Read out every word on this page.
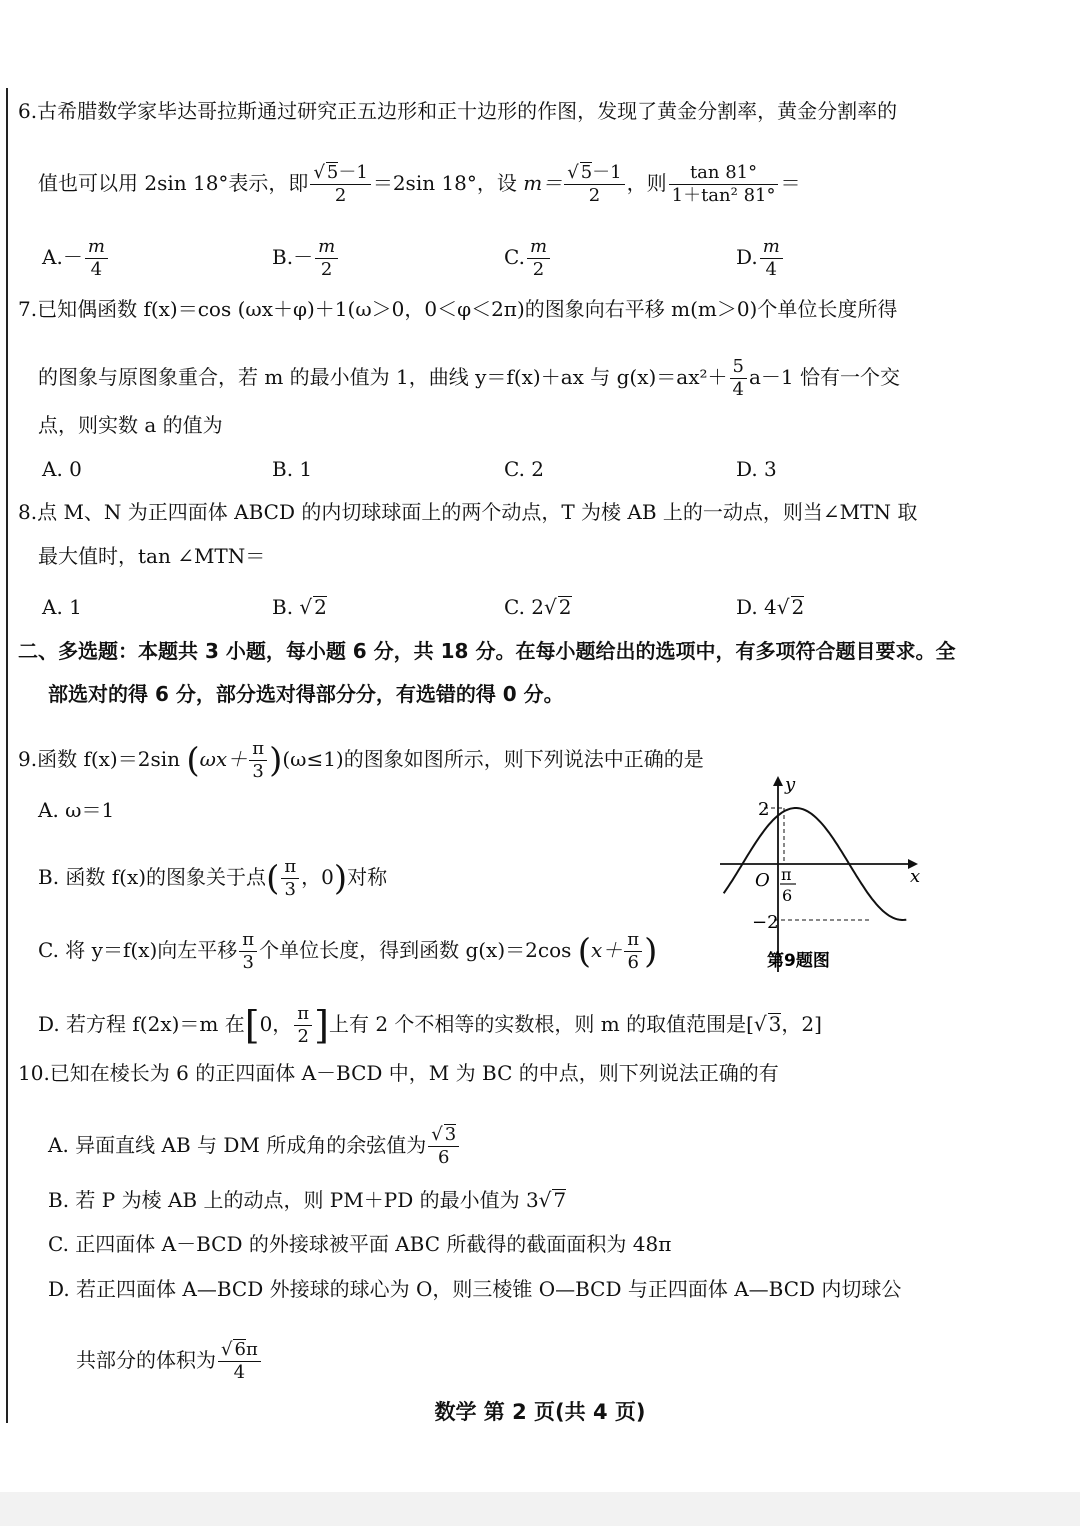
6.古希腊数学家毕达哥拉斯通过研究正五边形和正十边形的作图，发现了黄金分割率，黄金分割率的
值也可以用 2sin 18°表示，即 $\frac{√ 5-1}{2} =2\sin$ 18°，设 $m= \frac{√ 5-1}{2}$ ，则 $\frac{\tan 81^\circ}{\text{1＋tan² 81°}}$ ＝
$A.- \frac{m}{4}$	$B.- \frac{m}{2}$	C. $\frac{m}{2}$	D. $\frac{m}{4}$
7.已知偶函数 f(x)＝cos (ωx＋φ)＋1(ω＞0，0＜φ＜2π)的图象向右平移 m(m＞0)个单位长度所得
的图象与原图象重合，若 m 的最小值为 1，曲线 y＝f(x)＋ax 与 $g(x)=ax^2+ \frac{5}{4} a-1$ 恰有一个交
点，则实数 a 的值为
A. 0	B. 1	C. 2	D. 3
8.点 M、N 为正四面体 ABCD 的内切球球面上的两个动点，T 为棱 AB 上的一动点，则当∠MTN 取
最大值时，tan ∠MTN＝
A. 1	B. √ 2	C. 2√ 2	D. 4√ 2
二、多选题：本题共 3 小题，每小题 6 分，共 18 分。在每小题给出的选项中，有多项符合题目要求。全
部选对的得 6 分，部分选对得部分分，有选错的得 0 分。
9.函数 f(x)＝2sin $(\omega x+ \frac{\pi}{3} )(\omega\le 1)$的图象如图所示，则下列说法中正确的是
A. ω＝1
B. 函数 f(x)的图象关于点( $\frac{\pi}{3}$ ，0)对称
C. 将 y＝f(x)向左平移 $\frac{\pi}{3}$ 个单位长度，得到函数 g(x)＝2cos ($x+ \frac{\pi}{6}$ )
D. 若方程 f(2x)＝m 在[0， $\frac{\pi}{2}$ ]上有 2 个不相等的实数根，则 m 的取值范围是[√ 3，2]
y
x
O
2
−2
π
6
第9题图
10.已知在棱长为 6 的正四面体 A－BCD 中，M 为 BC 的中点，则下列说法正确的有
A. 异面直线 AB 与 DM 所成角的余弦值为 $\frac{√ 3}{6}$
B. 若 P 为棱 AB 上的动点，则 PM＋PD 的最小值为 3√ 7
C. 正四面体 A－BCD 的外接球被平面 ABC 所截得的截面面积为 48π
D. 若正四面体 A—BCD 外接球的球心为 O，则三棱锥 O—BCD 与正四面体 A—BCD 内切球公
共部分的体积为 $\frac{√ 6\pi}{4}$
数学 第 2 页(共 4 页)
